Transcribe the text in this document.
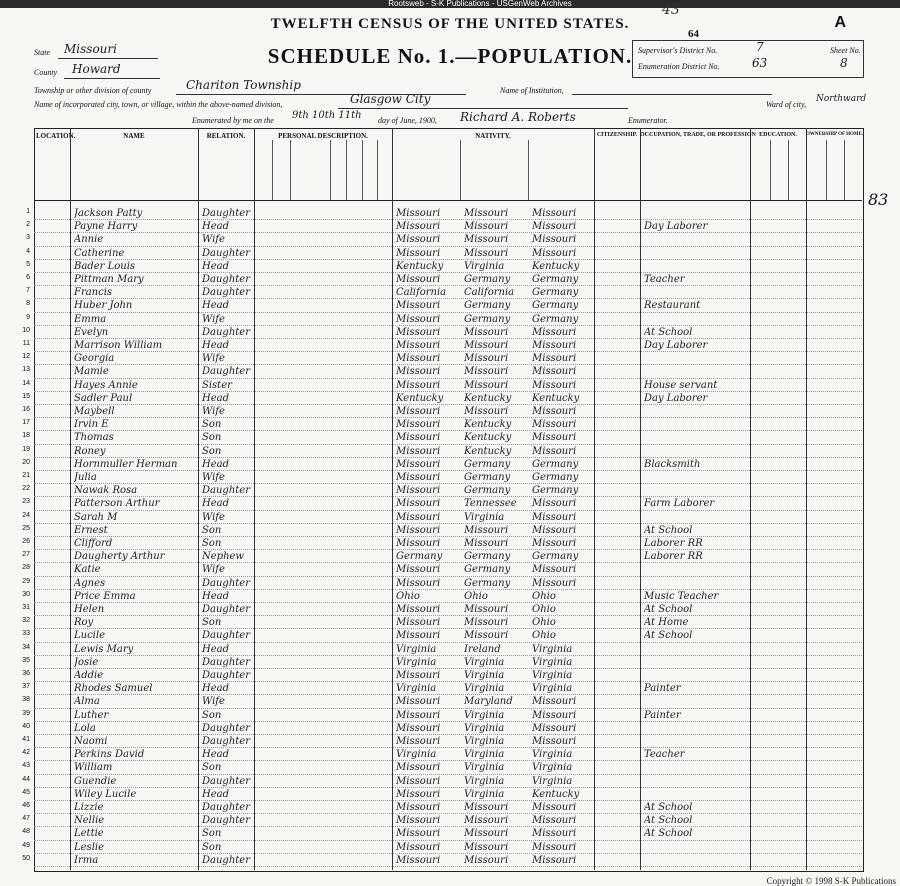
Rootsweb - S-K Publications - USGenWeb Archives	43
TWELFTH CENSUS OF THE UNITED STATES.	A
64
SCHEDULE No. 1.—POPULATION.
State Missouri
County Howard
Township or other division of county	Chariton Township	Name of Institution,
Name of incorporated city, town, or village, within the above-named division,	Glasgow City	Ward of city,
Northward
Enumerated by me on the 9th 10th 11th day of June, 1900, Richard A. Roberts	Enumerator.
Supervisor's District No.	7
Enumeration District No.	63
Sheet No.
8
83
LOCATION.	NAME	RELATION.	PERSONAL DESCRIPTION.	NATIVITY.	CITIZENSHIP. OCCUPATION, TRADE, OR PROFESSION EDUCATION.	OWNERSHIP OF HOME.
1	Jackson Patty	Daughter	Missouri	Missouri	Missouri
2	Payne Harry	Head	Missouri	Missouri	Missouri	Day Laborer
3	Annie	Wife	Missouri	Missouri	Missouri
4	Catherine	Daughter	Missouri	Missouri	Missouri
5	Bader Louis	Head	Kentucky	Virginia	Kentucky
6	Pittman Mary	Daughter	Missouri	Germany	Germany	Teacher
7	Francis	Daughter	California	California	Germany
8	Huber John	Head	Missouri	Germany	Germany	Restaurant
9	Emma	Wife	Missouri	Germany	Germany
10	Evelyn	Daughter	Missouri	Missouri	Missouri	At School
11	Marrison William	Head	Missouri	Missouri	Missouri	Day Laborer
12	Georgia	Wife	Missouri	Missouri	Missouri
13	Mamie	Daughter	Missouri	Missouri	Missouri
14	Hayes Annie	Sister	Missouri	Missouri	Missouri	House servant
15	Sadler Paul	Head	Kentucky	Kentucky	Kentucky	Day Laborer
16	Maybell	Wife	Missouri	Missouri	Missouri
17	Irvin E	Son	Missouri	Kentucky	Missouri
18	Thomas	Son	Missouri	Kentucky	Missouri
19	Roney	Son	Missouri	Kentucky	Missouri
20	Hornmuller Herman	Head	Missouri	Germany	Germany	Blacksmith
21	Julia	Wife	Missouri	Germany	Germany
22	Nawak Rosa	Daughter	Missouri	Germany	Germany
23	Patterson Arthur	Head	Missouri	Tennessee	Missouri	Farm Laborer
24	Sarah M	Wife	Missouri	Virginia	Missouri
25	Ernest	Son	Missouri	Missouri	Missouri	At School
26	Clifford	Son	Missouri	Missouri	Missouri	Laborer RR
27	Daugherty Arthur	Nephew	Germany	Germany	Germany	Laborer RR
28	Katie	Wife	Missouri	Germany	Missouri
29	Agnes	Daughter	Missouri	Germany	Missouri
30	Price Emma	Head	Ohio	Ohio	Ohio	Music Teacher
31	Helen	Daughter	Missouri	Missouri	Ohio	At School
32	Roy	Son	Missouri	Missouri	Ohio	At Home
33	Lucile	Daughter	Missouri	Missouri	Ohio	At School
34	Lewis Mary	Head	Virginia	Ireland	Virginia
35	Josie	Daughter	Virginia	Virginia	Virginia
36	Addie	Daughter	Missouri	Virginia	Virginia
37	Rhodes Samuel	Head	Virginia	Virginia	Virginia	Painter
38	Alma	Wife	Missouri	Maryland	Missouri
39	Luther	Son	Missouri	Virginia	Missouri	Painter
40	Lola	Daughter	Missouri	Virginia	Missouri
41	Naomi	Daughter	Missouri	Virginia	Missouri
42	Perkins David	Head	Virginia	Virginia	Virginia	Teacher
43	William	Son	Missouri	Virginia	Virginia
44	Guendie	Daughter	Missouri	Virginia	Virginia
45	Wiley Lucile	Head	Missouri	Virginia	Kentucky
46	Lizzie	Daughter	Missouri	Missouri	Missouri	At School
47	Nellie	Daughter	Missouri	Missouri	Missouri	At School
48	Lettie	Son	Missouri	Missouri	Missouri	At School
49	Leslie	Son	Missouri	Missouri	Missouri
50	Irma	Daughter	Missouri	Missouri	Missouri
Copyright © 1998 S-K Publications
